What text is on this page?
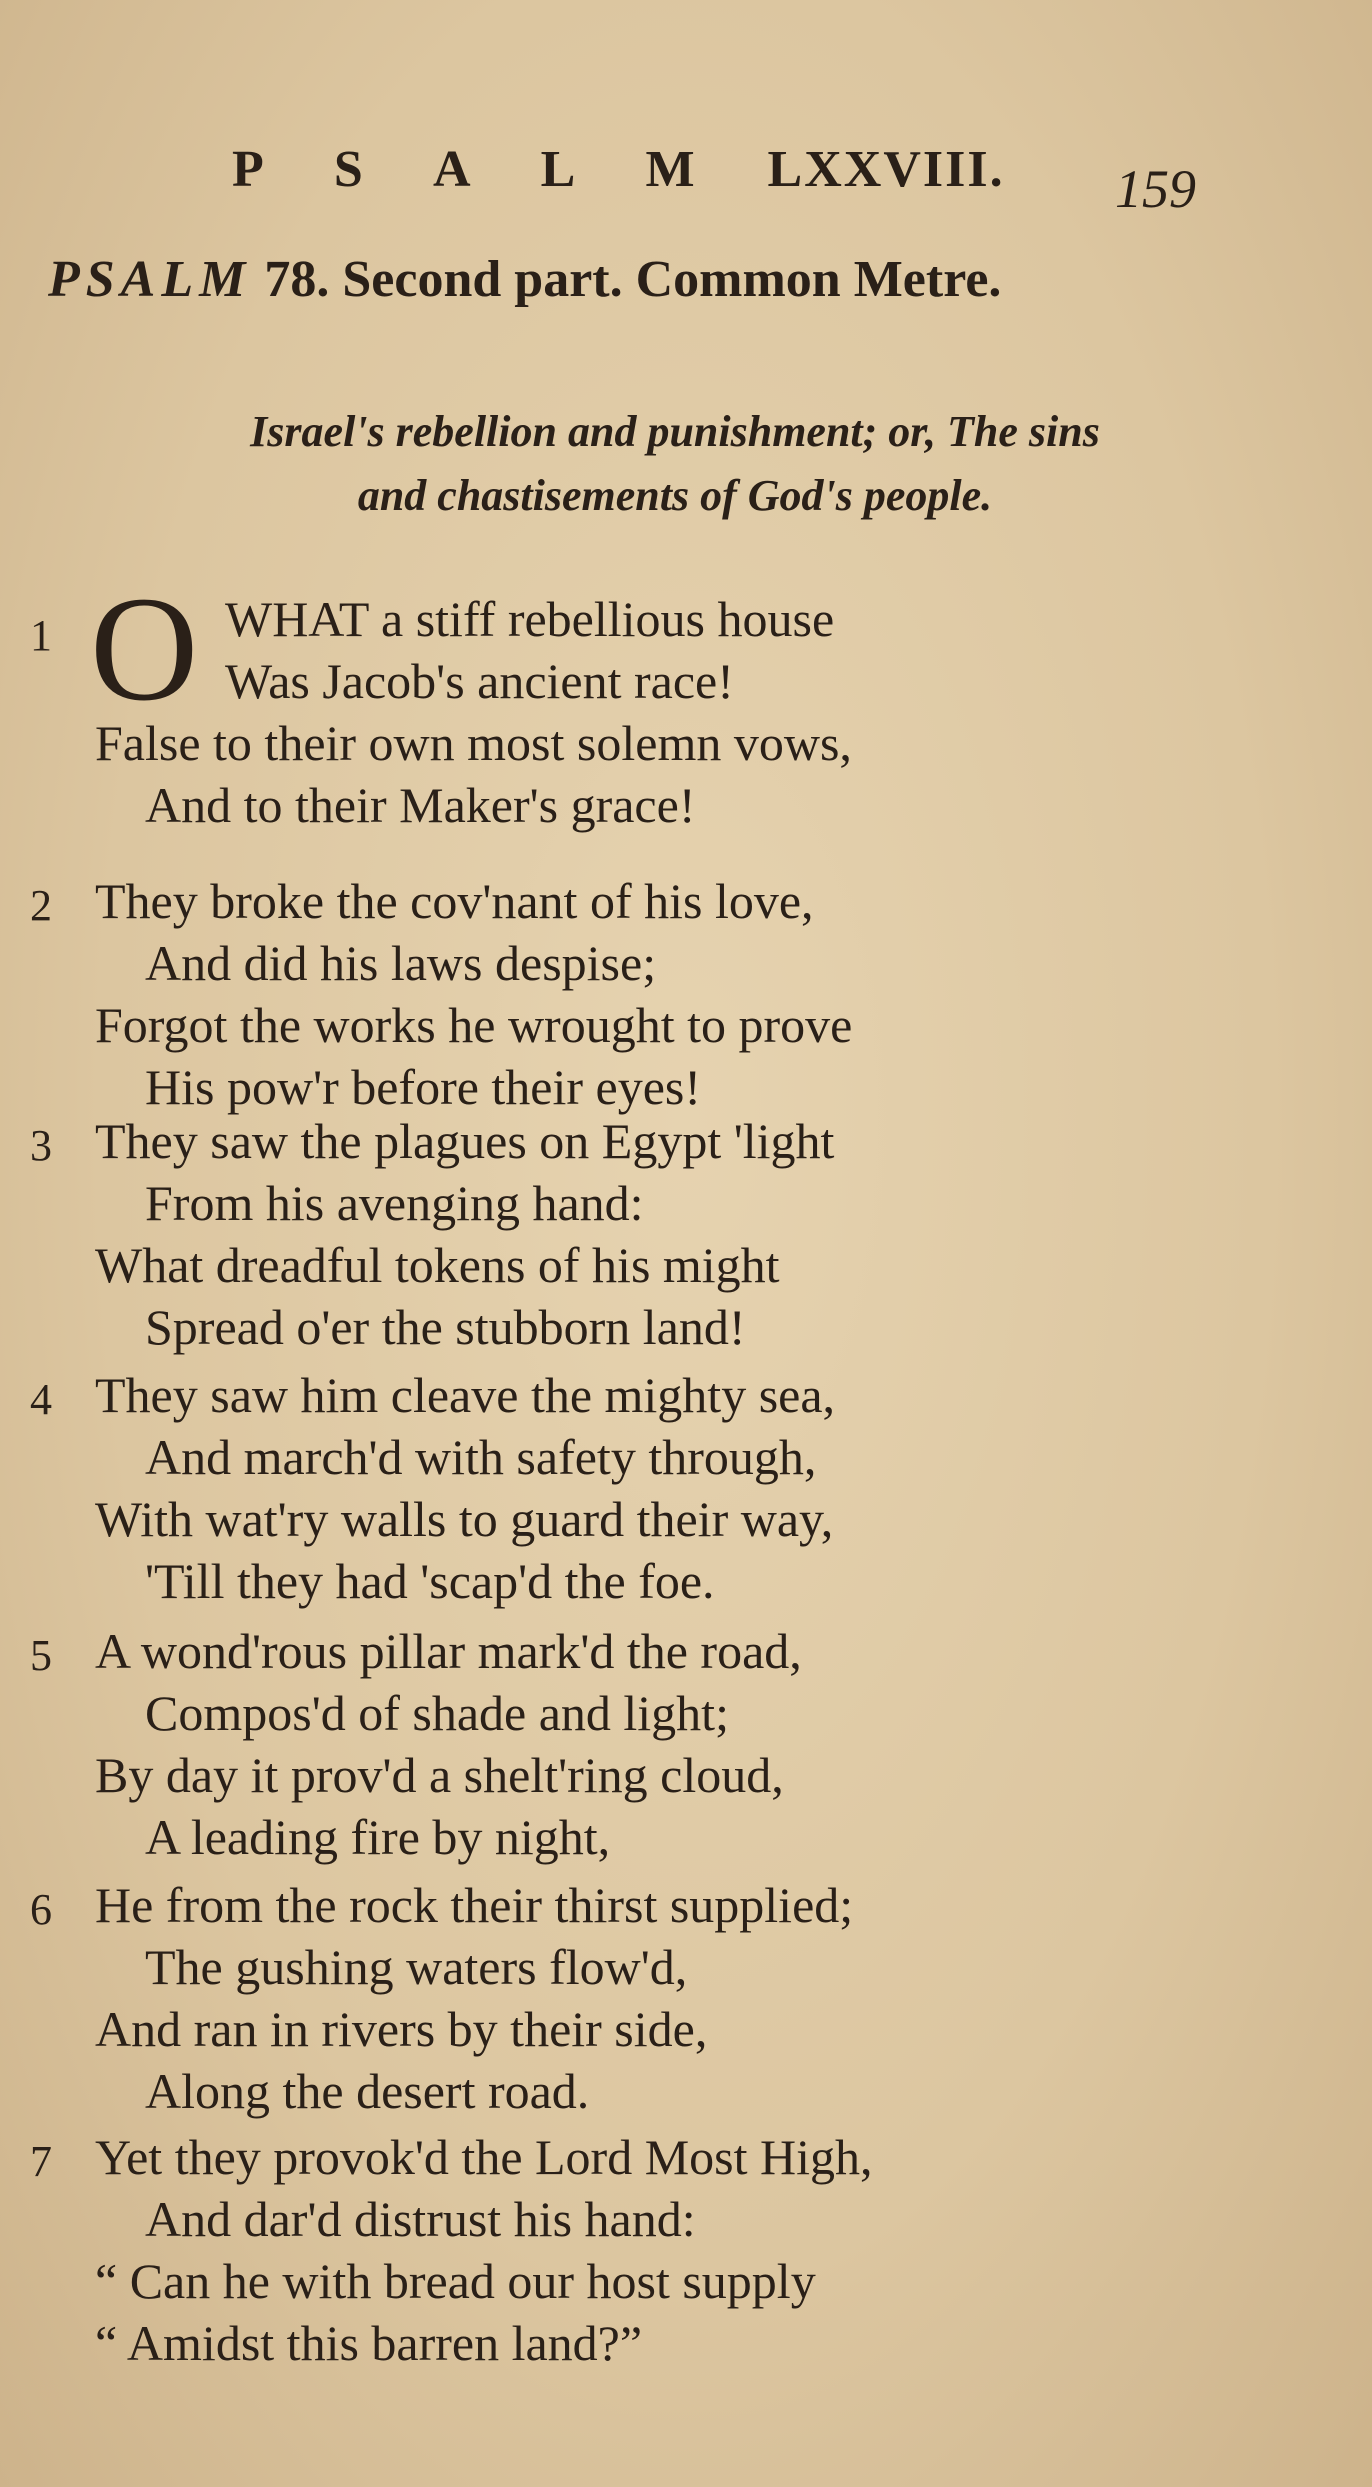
P S A L M LXXVIII. 159
PSALM 78. Second part. Common Metre.
Israel's rebellion and punishment; or, The sins
and chastisements of God's people.
1 O WHAT a stiff rebellious house
Was Jacob's ancient race!
False to their own most solemn vows,
And to their Maker's grace!
2 They broke the cov'nant of his love,
And did his laws despise;
Forgot the works he wrought to prove
His pow'r before their eyes!
3 They saw the plagues on Egypt 'light
From his avenging hand:
What dreadful tokens of his might
Spread o'er the stubborn land!
4 They saw him cleave the mighty sea,
And march'd with safety through,
With wat'ry walls to guard their way,
'Till they had 'scap'd the foe.
5 A wond'rous pillar mark'd the road,
Compos'd of shade and light;
By day it prov'd a shelt'ring cloud,
A leading fire by night,
6 He from the rock their thirst supplied;
The gushing waters flow'd,
And ran in rivers by their side,
Along the desert road.
7 Yet they provok'd the Lord Most High,
And dar'd distrust his hand:
“ Can he with bread our host supply
“ Amidst this barren land?”
